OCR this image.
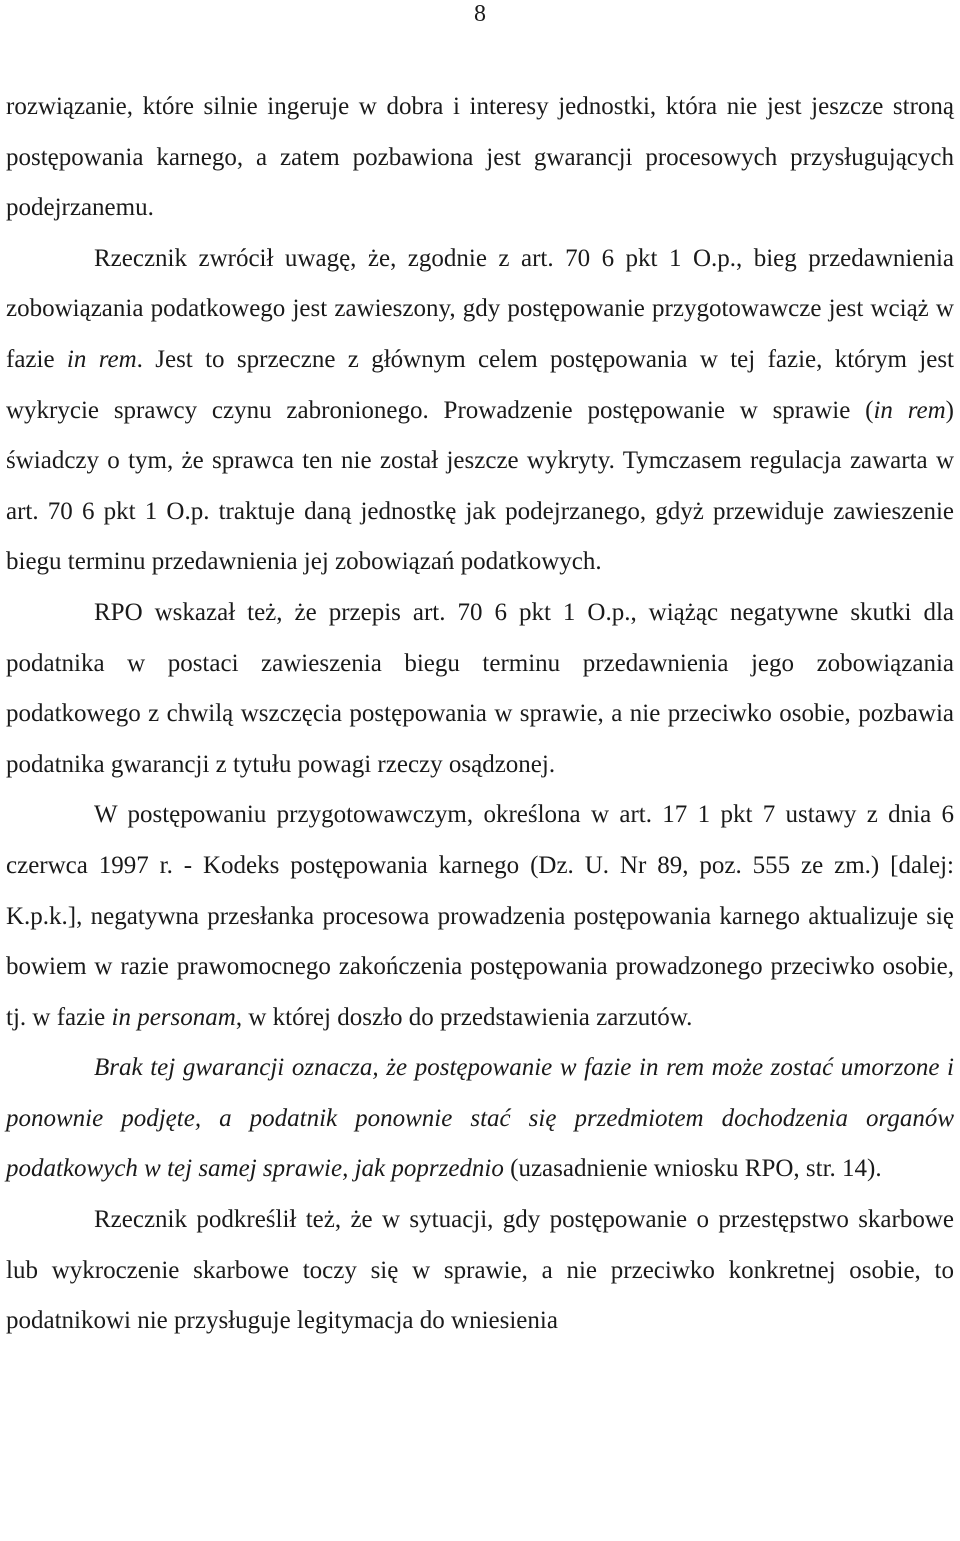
8

rozwiązanie, które silnie ingeruje w dobra i interesy jednostki, która nie jest jeszcze stroną postępowania karnego, a zatem pozbawiona jest gwarancji procesowych przysługujących podejrzanemu.

Rzecznik zwrócił uwagę, że, zgodnie z art. 70 6 pkt 1 O.p., bieg przedawnienia zobowiązania podatkowego jest zawieszony, gdy postępowanie przygotowawcze jest wciąż w fazie in rem. Jest to sprzeczne z głównym celem postępowania w tej fazie, którym jest wykrycie sprawcy czynu zabronionego. Prowadzenie postępowanie w sprawie (in rem) świadczy o tym, że sprawca ten nie został jeszcze wykryty. Tymczasem regulacja zawarta w art. 70 6 pkt 1 O.p. traktuje daną jednostkę jak podejrzanego, gdyż przewiduje zawieszenie biegu terminu przedawnienia jej zobowiązań podatkowych.

RPO wskazał też, że przepis art. 70 6 pkt 1 O.p., wiążąc negatywne skutki dla podatnika w postaci zawieszenia biegu terminu przedawnienia jego zobowiązania podatkowego z chwilą wszczęcia postępowania w sprawie, a nie przeciwko osobie, pozbawia podatnika gwarancji z tytułu powagi rzeczy osądzonej.

W postępowaniu przygotowawczym, określona w art. 17 1 pkt 7 ustawy z dnia 6 czerwca 1997 r. - Kodeks postępowania karnego (Dz. U. Nr 89, poz. 555 ze zm.) [dalej: K.p.k.], negatywna przesłanka procesowa prowadzenia postępowania karnego aktualizuje się bowiem w razie prawomocnego zakończenia postępowania prowadzonego przeciwko osobie, tj. w fazie in personam, w której doszło do przedstawienia zarzutów.

Brak tej gwarancji oznacza, że postępowanie w fazie in rem może zostać umorzone i ponownie podjęte, a podatnik ponownie stać się przedmiotem dochodzenia organów podatkowych w tej samej sprawie, jak poprzednio (uzasadnienie wniosku RPO, str. 14).

Rzecznik podkreślił też, że w sytuacji, gdy postępowanie o przestępstwo skarbowe lub wykroczenie skarbowe toczy się w sprawie, a nie przeciwko konkretnej osobie, to podatnikowi nie przysługuje legitymacja do wniesienia
